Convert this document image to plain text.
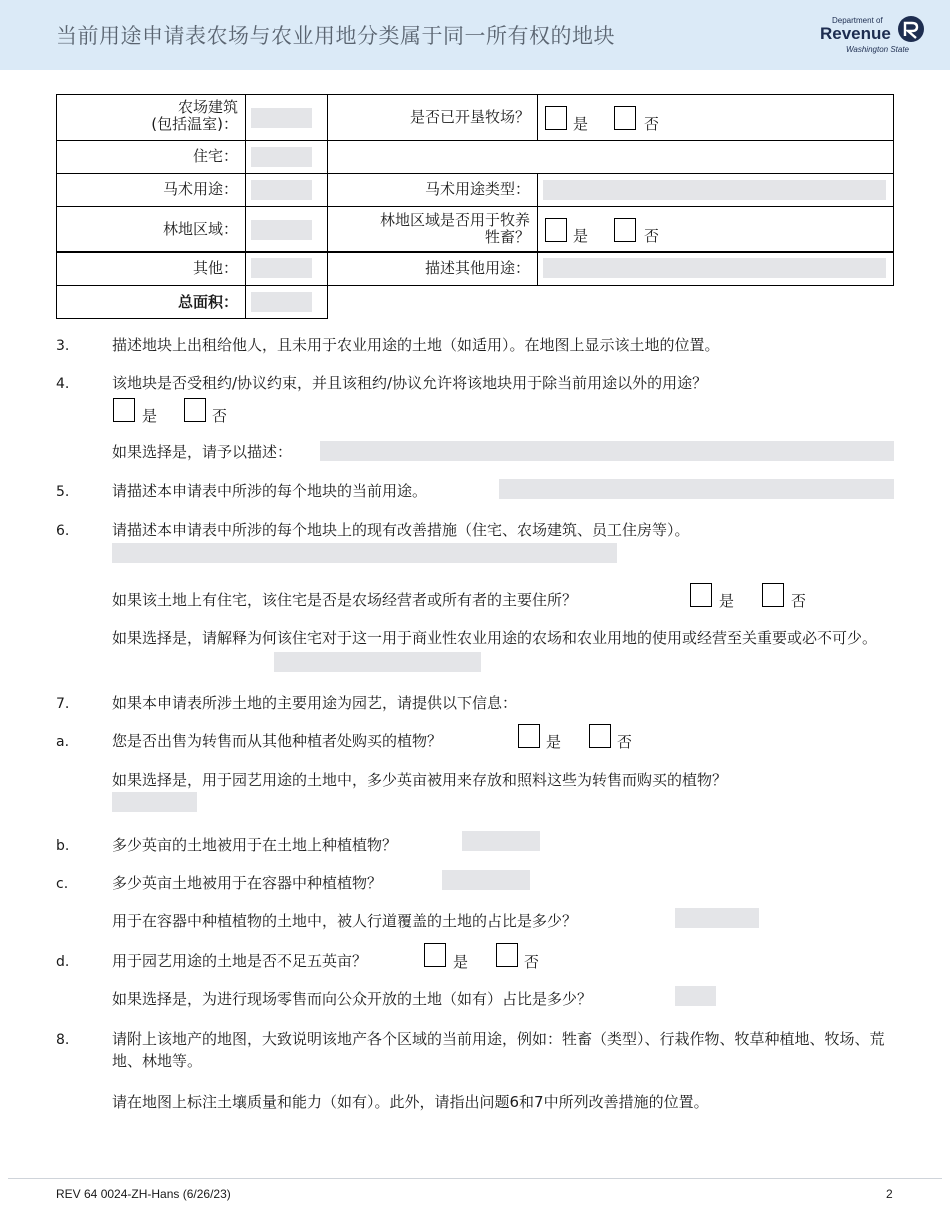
当前用途申请表农场与农业用地分类属于同一所有权的地块
Department of
Revenue
Washington State
农场建筑
(包括温室)：	是否已开垦牧场？	是	否
住宅：
马术用途：	马术用途类型：
林地区域：	林地区域是否用于牧养
牲畜？	是	否
其他：	描述其他用途：
总面积：
3.	描述地块上出租给他人，且未用于农业用途的土地（如适用）。在地图上显示该土地的位置。
4.	该地块是否受租约/协议约束，并且该租约/协议允许将该地块用于除当前用途以外的用途？
是	否
如果选择是，请予以描述：
5.	请描述本申请表中所涉的每个地块的当前用途。
6.	请描述本申请表中所涉的每个地块上的现有改善措施（住宅、农场建筑、员工住房等）。
如果该土地上有住宅，该住宅是否是农场经营者或所有者的主要住所？	是	否
如果选择是，请解释为何该住宅对于这一用于商业性农业用途的农场和农业用地的使用或经营至关重要或必不可少。
7.	如果本申请表所涉土地的主要用途为园艺，请提供以下信息：
a.	您是否出售为转售而从其他种植者处购买的植物？	是	否
如果选择是，用于园艺用途的土地中，多少英亩被用来存放和照料这些为转售而购买的植物？
b.	多少英亩的土地被用于在土地上种植植物？
c.	多少英亩土地被用于在容器中种植植物？
用于在容器中种植植物的土地中，被人行道覆盖的土地的占比是多少？
d.	用于园艺用途的土地是否不足五英亩？	是	否
如果选择是，为进行现场零售而向公众开放的土地（如有）占比是多少？
8.	请附上该地产的地图，大致说明该地产各个区域的当前用途，例如：牲畜（类型）、行栽作物、牧草种植地、牧场、荒地、林地等。
请在地图上标注土壤质量和能力（如有）。此外，请指出问题6和7中所列改善措施的位置。
REV 64 0024-ZH-Hans (6/26/23)	2
